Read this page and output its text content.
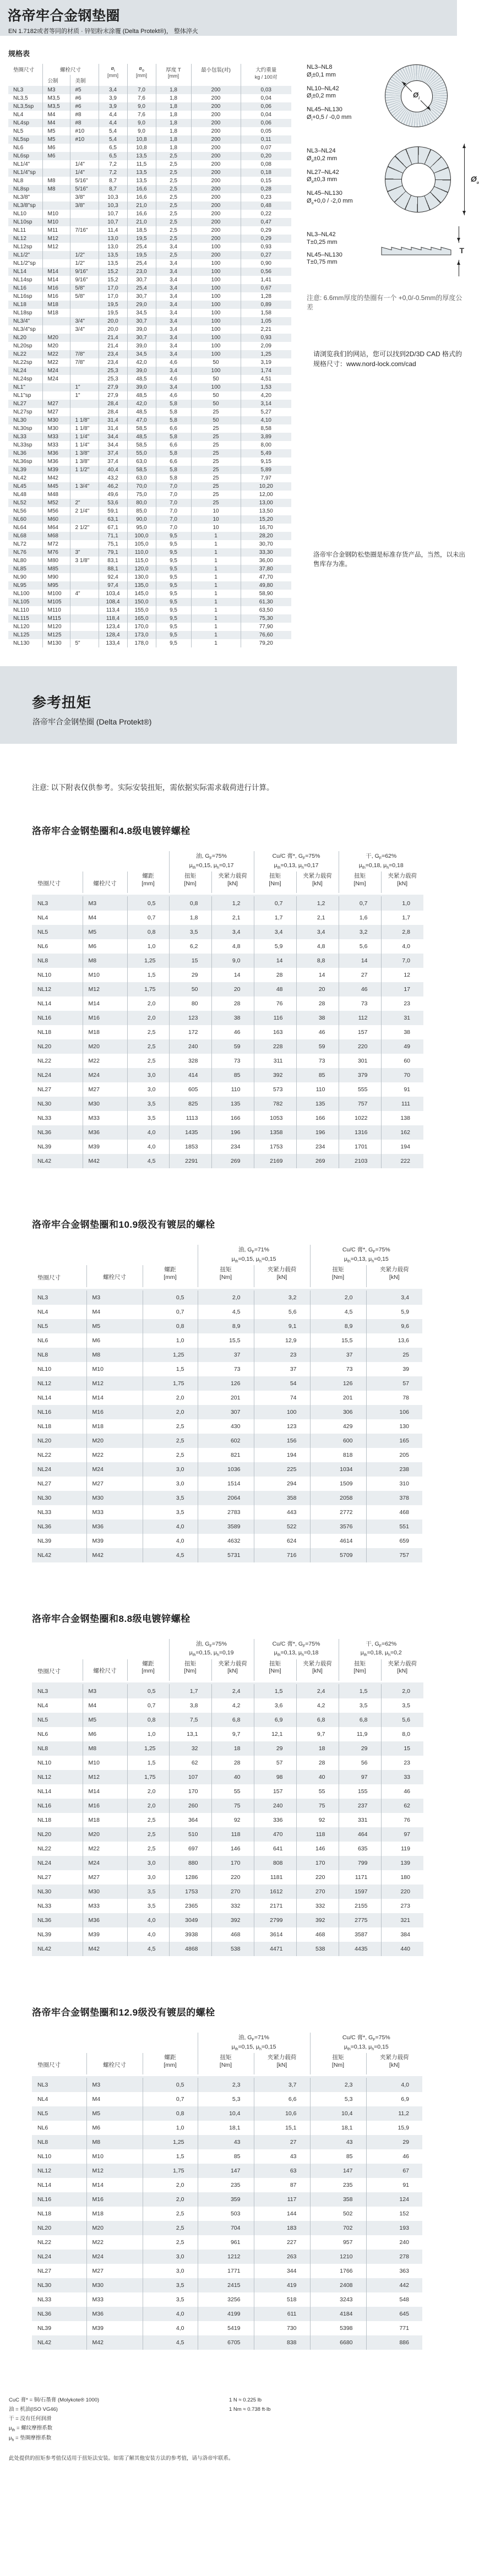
洛帝牢合金钢垫圈

EN 1.7182或者等同的材质 · 锌铝粉末涂覆 (Delta Protekt®)， 整体淬火

规格表
垫圈尺寸	螺栓尺寸		$ø_i$
[mm]	$ø_o$
[mm]	厚度 T
[mm]	最小包装(对)	大约重量
kg / 100对

	公制	美制					

NL3	M3	#5	3,4	7,0	1,8	200	0,03
NL3,5	M3,5	#6	3,9	7,6	1,8	200	0,04
NL3,5sp	M3,5	#6	3,9	9,0	1,8	200	0,06
NL4	M4	#8	4,4	7,6	1,8	200	0,04
NL4sp	M4	#8	4,4	9,0	1,8	200	0,06
NL5	M5	#10	5,4	9,0	1,8	200	0,05
NL5sp	M5	#10	5,4	10,8	1,8	200	0,11
NL6	M6		6,5	10,8	1,8	200	0,07
NL6sp	M6		6,5	13,5	2,5	200	0,20
NL1/4"		1/4"	7,2	11,5	2,5	200	0,08
NL1/4"sp		1/4"	7,2	13,5	2,5	200	0,18
NL8	M8	5/16"	8,7	13,5	2,5	200	0,15
NL8sp	M8	5/16"	8,7	16,6	2,5	200	0,28
NL3/8"		3/8"	10,3	16,6	2,5	200	0,23
NL3/8"sp		3/8"	10,3	21,0	2,5	200	0,48
NL10	M10		10,7	16,6	2,5	200	0,22
NL10sp	M10		10,7	21,0	2,5	200	0,47
NL11	M11	7/16"	11,4	18,5	2,5	200	0,29
NL12	M12		13,0	19,5	2,5	200	0,29
NL12sp	M12		13,0	25,4	3,4	100	0,93
NL1/2"		1/2"	13,5	19,5	2,5	200	0,27
NL1/2"sp		1/2"	13,5	25,4	3,4	100	0,90
NL14	M14	9/16"	15,2	23,0	3,4	100	0,56
NL14sp	M14	9/16"	15,2	30,7	3,4	100	1,41
NL16	M16	5/8"	17,0	25,4	3,4	100	0,67
NL16sp	M16	5/8"	17,0	30,7	3,4	100	1,28
NL18	M18		19,5	29,0	3,4	100	0,89
NL18sp	M18		19,5	34,5	3,4	100	1,58
NL3/4"		3/4"	20,0	30,7	3,4	100	1,05
NL3/4"sp		3/4"	20,0	39,0	3,4	100	2,21
NL20	M20		21,4	30,7	3,4	100	0,93
NL20sp	M20		21,4	39,0	3,4	100	2,09
NL22	M22	7/8"	23,4	34,5	3,4	100	1,25
NL22sp	M22	7/8"	23,4	42,0	4,6	50	3,19
NL24	M24		25,3	39,0	3,4	100	1,74
NL24sp	M24		25,3	48,5	4,6	50	4,51
NL1"		1"	27,9	39,0	3,4	100	1,53
NL1"sp		1"	27,9	48,5	4,6	50	4,20
NL27	M27		28,4	42,0	5,8	50	3,14
NL27sp	M27		28,4	48,5	5,8	25	5,27
NL30	M30	1 1/8"	31,4	47,0	5,8	50	4,10
NL30sp	M30	1 1/8"	31,4	58,5	6,6	25	8,58
NL33	M33	1 1/4"	34,4	48,5	5,8	25	3,89
NL33sp	M33	1 1/4"	34,4	58,5	6,6	25	8,00
NL36	M36	1 3/8"	37,4	55,0	5,8	25	5,49
NL36sp	M36	1 3/8"	37,4	63,0	6,6	25	9,15
NL39	M39	1 1/2"	40,4	58,5	5,8	25	5,89
NL42	M42		43,2	63,0	5,8	25	7,97
NL45	M45	1 3/4"	46,2	70,0	7,0	25	10,20
NL48	M48		49,6	75,0	7,0	25	12,00
NL52	M52	2"	53,6	80,0	7,0	25	13,00
NL56	M56	2 1/4"	59,1	85,0	7,0	10	13,50
NL60	M60		63,1	90,0	7,0	10	15,20
NL64	M64	2 1/2"	67,1	95,0	7,0	10	16,70
NL68	M68		71,1	100,0	9,5	1	28,20
NL72	M72		75,1	105,0	9,5	1	30,70
NL76	M76	3"	79,1	110,0	9,5	1	33,30
NL80	M80	3 1/8"	83,1	115,0	9,5	1	36,00
NL85	M85		88,1	120,0	9,5	1	37,80
NL90	M90		92,4	130,0	9,5	1	47,70
NL95	M95		97,4	135,0	9,5	1	49,80
NL100	M100	4"	103,4	145,0	9,5	1	58,90
NL105	M105		108,4	150,0	9,5	1	61,30
NL110	M110		113,4	155,0	9,5	1	63,50
NL115	M115		118,4	165,0	9,5	1	75,30
NL120	M120		123,4	170,0	9,5	1	77,90
NL125	M125		128,4	173,0	9,5	1	76,60
NL130	M130	5"	133,4	178,0	9,5	1	79,20
NL3–NL8
$Ø_i\pm 0,1$ mm
NL10–NL42
$Ø_i\pm 0,2$ mm
NL45–NL130
$Ø_i+0,5 / -0,0$ mm
$Ø_i$
NL3–NL24
$Ø_o\pm 0,2$ mm
NL27–NL42
$Ø_o\pm 0,3$ mm
NL45–NL130
$Ø_o+0,0 / -2,0$ mm
$Ø_o$
NL3–NL42
T±0,25 mm
NL45–NL130
T±0,75 mm
T

注意: 6.6mm厚度的垫圈有一个 +0,0/-0.5mm的厚度公差

请浏览我们的网站，您可以找到2D/3D CAD 格式的规格尺寸：www.nord-lock.com/cad

洛帝牢合金钢防松垫圈是标准存货产品，当然，以未出售库存为准。

参考扭矩

洛帝牢合金钢垫圈 (Delta Protekt®)

注意: 以下附表仅供参考。实际安装扭矩，需依据实际需求载荷进行计算。

洛帝牢合金钢垫圈和4.8级电镀锌螺栓
			油, $G_F=75\%$
$\mu_{th}=0,15$, $\mu_h=0,17$		Cu/C 膏*, $G_F=75\%$
$\mu_{th}=0,13$, $\mu_h=0,17$		干, $G_F=62\%$
$\mu_{th}=0,18$, $\mu_h=0,18$	
垫圈尺寸	螺栓尺寸	螺距
[mm]	扭矩
[Nm]	夹紧力载荷
[kN]	扭矩
[Nm]	夹紧力载荷
[kN]	扭矩
[Nm]	夹紧力载荷
[kN]
NL3	M3	0,5	0,8	1,2	0,7	1,2	0,7	1,0
NL4	M4	0,7	1,8	2,1	1,7	2,1	1,6	1,7
NL5	M5	0,8	3,5	3,4	3,4	3,4	3,2	2,8
NL6	M6	1,0	6,2	4,8	5,9	4,8	5,6	4,0
NL8	M8	1,25	15	9,0	14	8,8	14	7,0
NL10	M10	1,5	29	14	28	14	27	12
NL12	M12	1,75	50	20	48	20	46	17
NL14	M14	2,0	80	28	76	28	73	23
NL16	M16	2,0	123	38	116	38	112	31
NL18	M18	2,5	172	46	163	46	157	38
NL20	M20	2,5	240	59	228	59	220	49
NL22	M22	2,5	328	73	311	73	301	60
NL24	M24	3,0	414	85	392	85	379	70
NL27	M27	3,0	605	110	573	110	555	91
NL30	M30	3,5	825	135	782	135	757	111
NL33	M33	3,5	1113	166	1053	166	1022	138
NL36	M36	4,0	1435	196	1358	196	1316	162
NL39	M39	4,0	1853	234	1753	234	1701	194
NL42	M42	4,5	2291	269	2169	269	2103	222
洛帝牢合金钢垫圈和10.9级没有镀层的螺栓
			油, $G_F=71\%$
$\mu_{th}=0,15$, $\mu_h=0,15$		Cu/C 膏*, $G_F=75\%$
$\mu_{th}=0,13$, $\mu_h=0,15$	
垫圈尺寸	螺栓尺寸	螺距
[mm]	扭矩
[Nm]	夹紧力载荷
[kN]	扭矩
[Nm]	夹紧力载荷
[kN]
NL3	M3	0,5	2,0	3,2	2,0	3,4
NL4	M4	0,7	4,5	5,6	4,5	5,9
NL5	M5	0,8	8,9	9,1	8,9	9,6
NL6	M6	1,0	15,5	12,9	15,5	13,6
NL8	M8	1,25	37	23	37	25
NL10	M10	1,5	73	37	73	39
NL12	M12	1,75	126	54	126	57
NL14	M14	2,0	201	74	201	78
NL16	M16	2,0	307	100	306	106
NL18	M18	2,5	430	123	429	130
NL20	M20	2,5	602	156	600	165
NL22	M22	2,5	821	194	818	205
NL24	M24	3,0	1036	225	1034	238
NL27	M27	3,0	1514	294	1509	310
NL30	M30	3,5	2064	358	2058	378
NL33	M33	3,5	2783	443	2772	468
NL36	M36	4,0	3589	522	3576	551
NL39	M39	4,0	4632	624	4614	659
NL42	M42	4,5	5731	716	5709	757
洛帝牢合金钢垫圈和8.8级电镀锌螺栓
			油, $G_F=75\%$
$\mu_{th}=0,15$, $\mu_h=0,19$		Cu/C 膏*, $G_F=75\%$
$\mu_{th}=0,13$, $\mu_h=0,18$		干, $G_F=62\%$
$\mu_{th}=0,18$, $\mu_h=0,2$	
垫圈尺寸	螺栓尺寸	螺距
[mm]	扭矩
[Nm]	夹紧力载荷
[kN]	扭矩
[Nm]	夹紧力载荷
[kN]	扭矩
[Nm]	夹紧力载荷
[kN]
NL3	M3	0,5	1,7	2,4	1,5	2,4	1,5	2,0
NL4	M4	0,7	3,8	4,2	3,6	4,2	3,5	3,5
NL5	M5	0,8	7,5	6,8	6,9	6,8	6,8	5,6
NL6	M6	1,0	13,1	9,7	12,1	9,7	11,9	8,0
NL8	M8	1,25	32	18	29	18	29	15
NL10	M10	1,5	62	28	57	28	56	23
NL12	M12	1,75	107	40	98	40	97	33
NL14	M14	2,0	170	55	157	55	155	46
NL16	M16	2,0	260	75	240	75	237	62
NL18	M18	2,5	364	92	336	92	331	76
NL20	M20	2,5	510	118	470	118	464	97
NL22	M22	2,5	697	146	641	146	635	119
NL24	M24	3,0	880	170	808	170	799	139
NL27	M27	3,0	1286	220	1181	220	1171	180
NL30	M30	3,5	1753	270	1612	270	1597	220
NL33	M33	3,5	2365	332	2171	332	2155	273
NL36	M36	4,0	3049	392	2799	392	2775	321
NL39	M39	4,0	3938	468	3614	468	3587	384
NL42	M42	4,5	4868	538	4471	538	4435	440
洛帝牢合金钢垫圈和12.9级没有镀层的螺栓
			油, $G_F=71\%$
$\mu_{th}=0,15$, $\mu_h=0,15$		Cu/C 膏*, $G_F=75\%$
$\mu_{th}=0,13$, $\mu_h=0,15$	
垫圈尺寸	螺栓尺寸	螺距
[mm]	扭矩
[Nm]	夹紧力载荷
[kN]	扭矩
[Nm]	夹紧力载荷
[kN]
NL3	M3	0,5	2,3	3,7	2,3	4,0
NL4	M4	0,7	5,3	6,6	5,3	6,9
NL5	M5	0,8	10,4	10,6	10,4	11,2
NL6	M6	1,0	18,1	15,1	18,1	15,9
NL8	M8	1,25	43	27	43	29
NL10	M10	1,5	85	43	85	46
NL12	M12	1,75	147	63	147	67
NL14	M14	2,0	235	87	235	91
NL16	M16	2,0	359	117	358	124
NL18	M18	2,5	503	144	502	152
NL20	M20	2,5	704	183	702	193
NL22	M22	2,5	961	227	957	240
NL24	M24	3,0	1212	263	1210	278
NL27	M27	3,0	1771	344	1766	363
NL30	M30	3,5	2415	419	2408	442
NL33	M33	3,5	3256	518	3243	548
NL36	M36	4,0	4199	611	4184	645
NL39	M39	4,0	5419	730	5398	771
NL42	M42	4,5	6705	838	6680	886
CuC 膏* = 铜/石墨膏 (Molykote® 1000)
油 = 机油(ISO VG46)
干 = 没有任何润滑
$\mu_{th}$ = 螺纹摩擦系数
$\mu_h$ = 垫圈摩擦系数
1 N ≈ 0.225 lb
1 Nm ≈ 0.738 ft·lb

此处提供的扭矩参考值仅适用于扭矩法安装。如需了解其他安装方法的参考值，请与洛帝牢联系。
